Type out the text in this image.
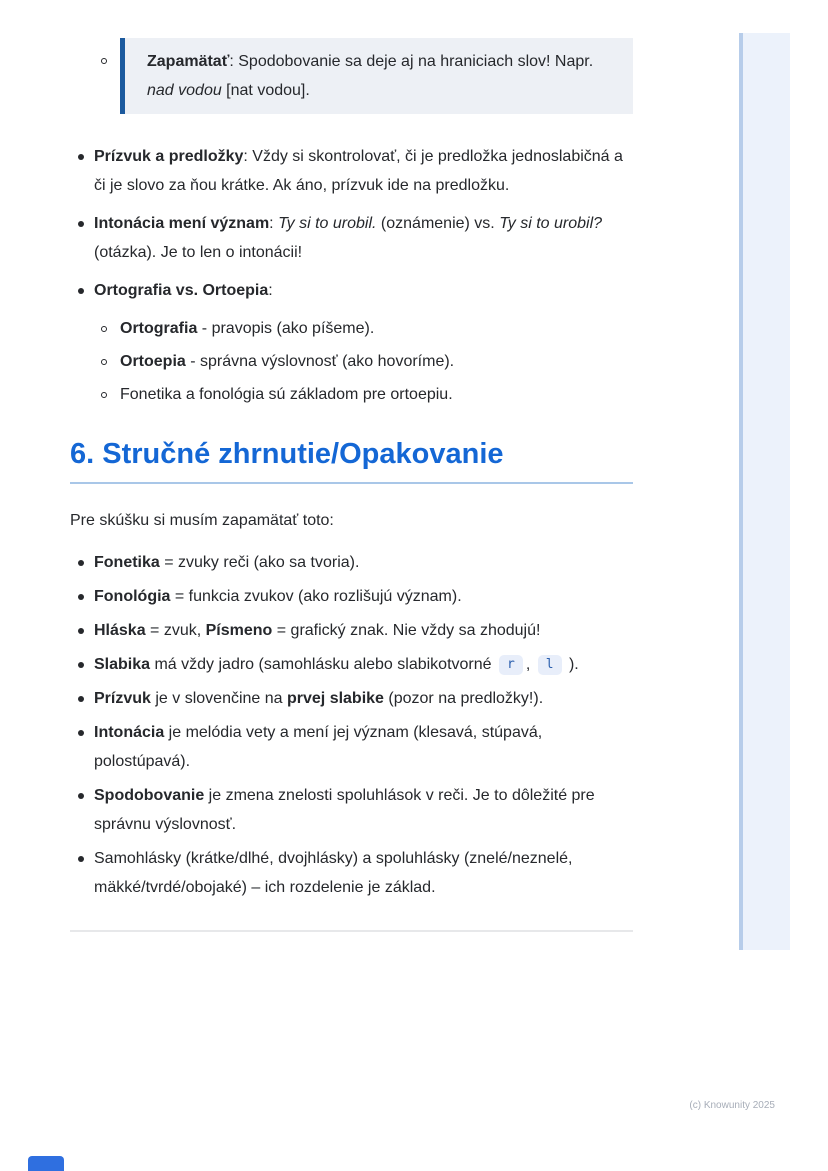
Zapamätať: Spodobovanie sa deje aj na hraniciach slov! Napr. nad vodou [nat vodou].

Prízvuk a predložky: Vždy si skontrolovať, či je predložka jednoslabičná a či je slovo za ňou krátke. Ak áno, prízvuk ide na predložku.
Intonácia mení význam: Ty si to urobil. (oznámenie) vs. Ty si to urobil? (otázka). Je to len o intonácii!
Ortografia vs. Ortoepia:
Ortografia - pravopis (ako píšeme).
Ortoepia - správna výslovnosť (ako hovoríme).
Fonetika a fonológia sú základom pre ortoepiu.
6. Stručné zhrnutie/Opakovanie

Pre skúšku si musím zapamätať toto:

Fonetika = zvuky reči (ako sa tvoria).
Fonológia = funkcia zvukov (ako rozlišujú význam).
Hláska = zvuk, Písmeno = grafický znak. Nie vždy sa zhodujú!
Slabika má vždy jadro (samohlásku alebo slabikotvorné r , l ).
Prízvuk je v slovenčine na prvej slabike (pozor na predložky!).
Intonácia je melódia vety a mení jej význam (klesavá, stúpavá, polostúpavá).
Spodobovanie je zmena znelosti spoluhlások v reči. Je to dôležité pre správnu výslovnosť.
Samohlásky (krátke/dlhé, dvojhlásky) a spoluhlásky (znelé/neznelé, mäkké/tvrdé/obojaké) – ich rozdelenie je základ.
(c) Knowunity 2025
